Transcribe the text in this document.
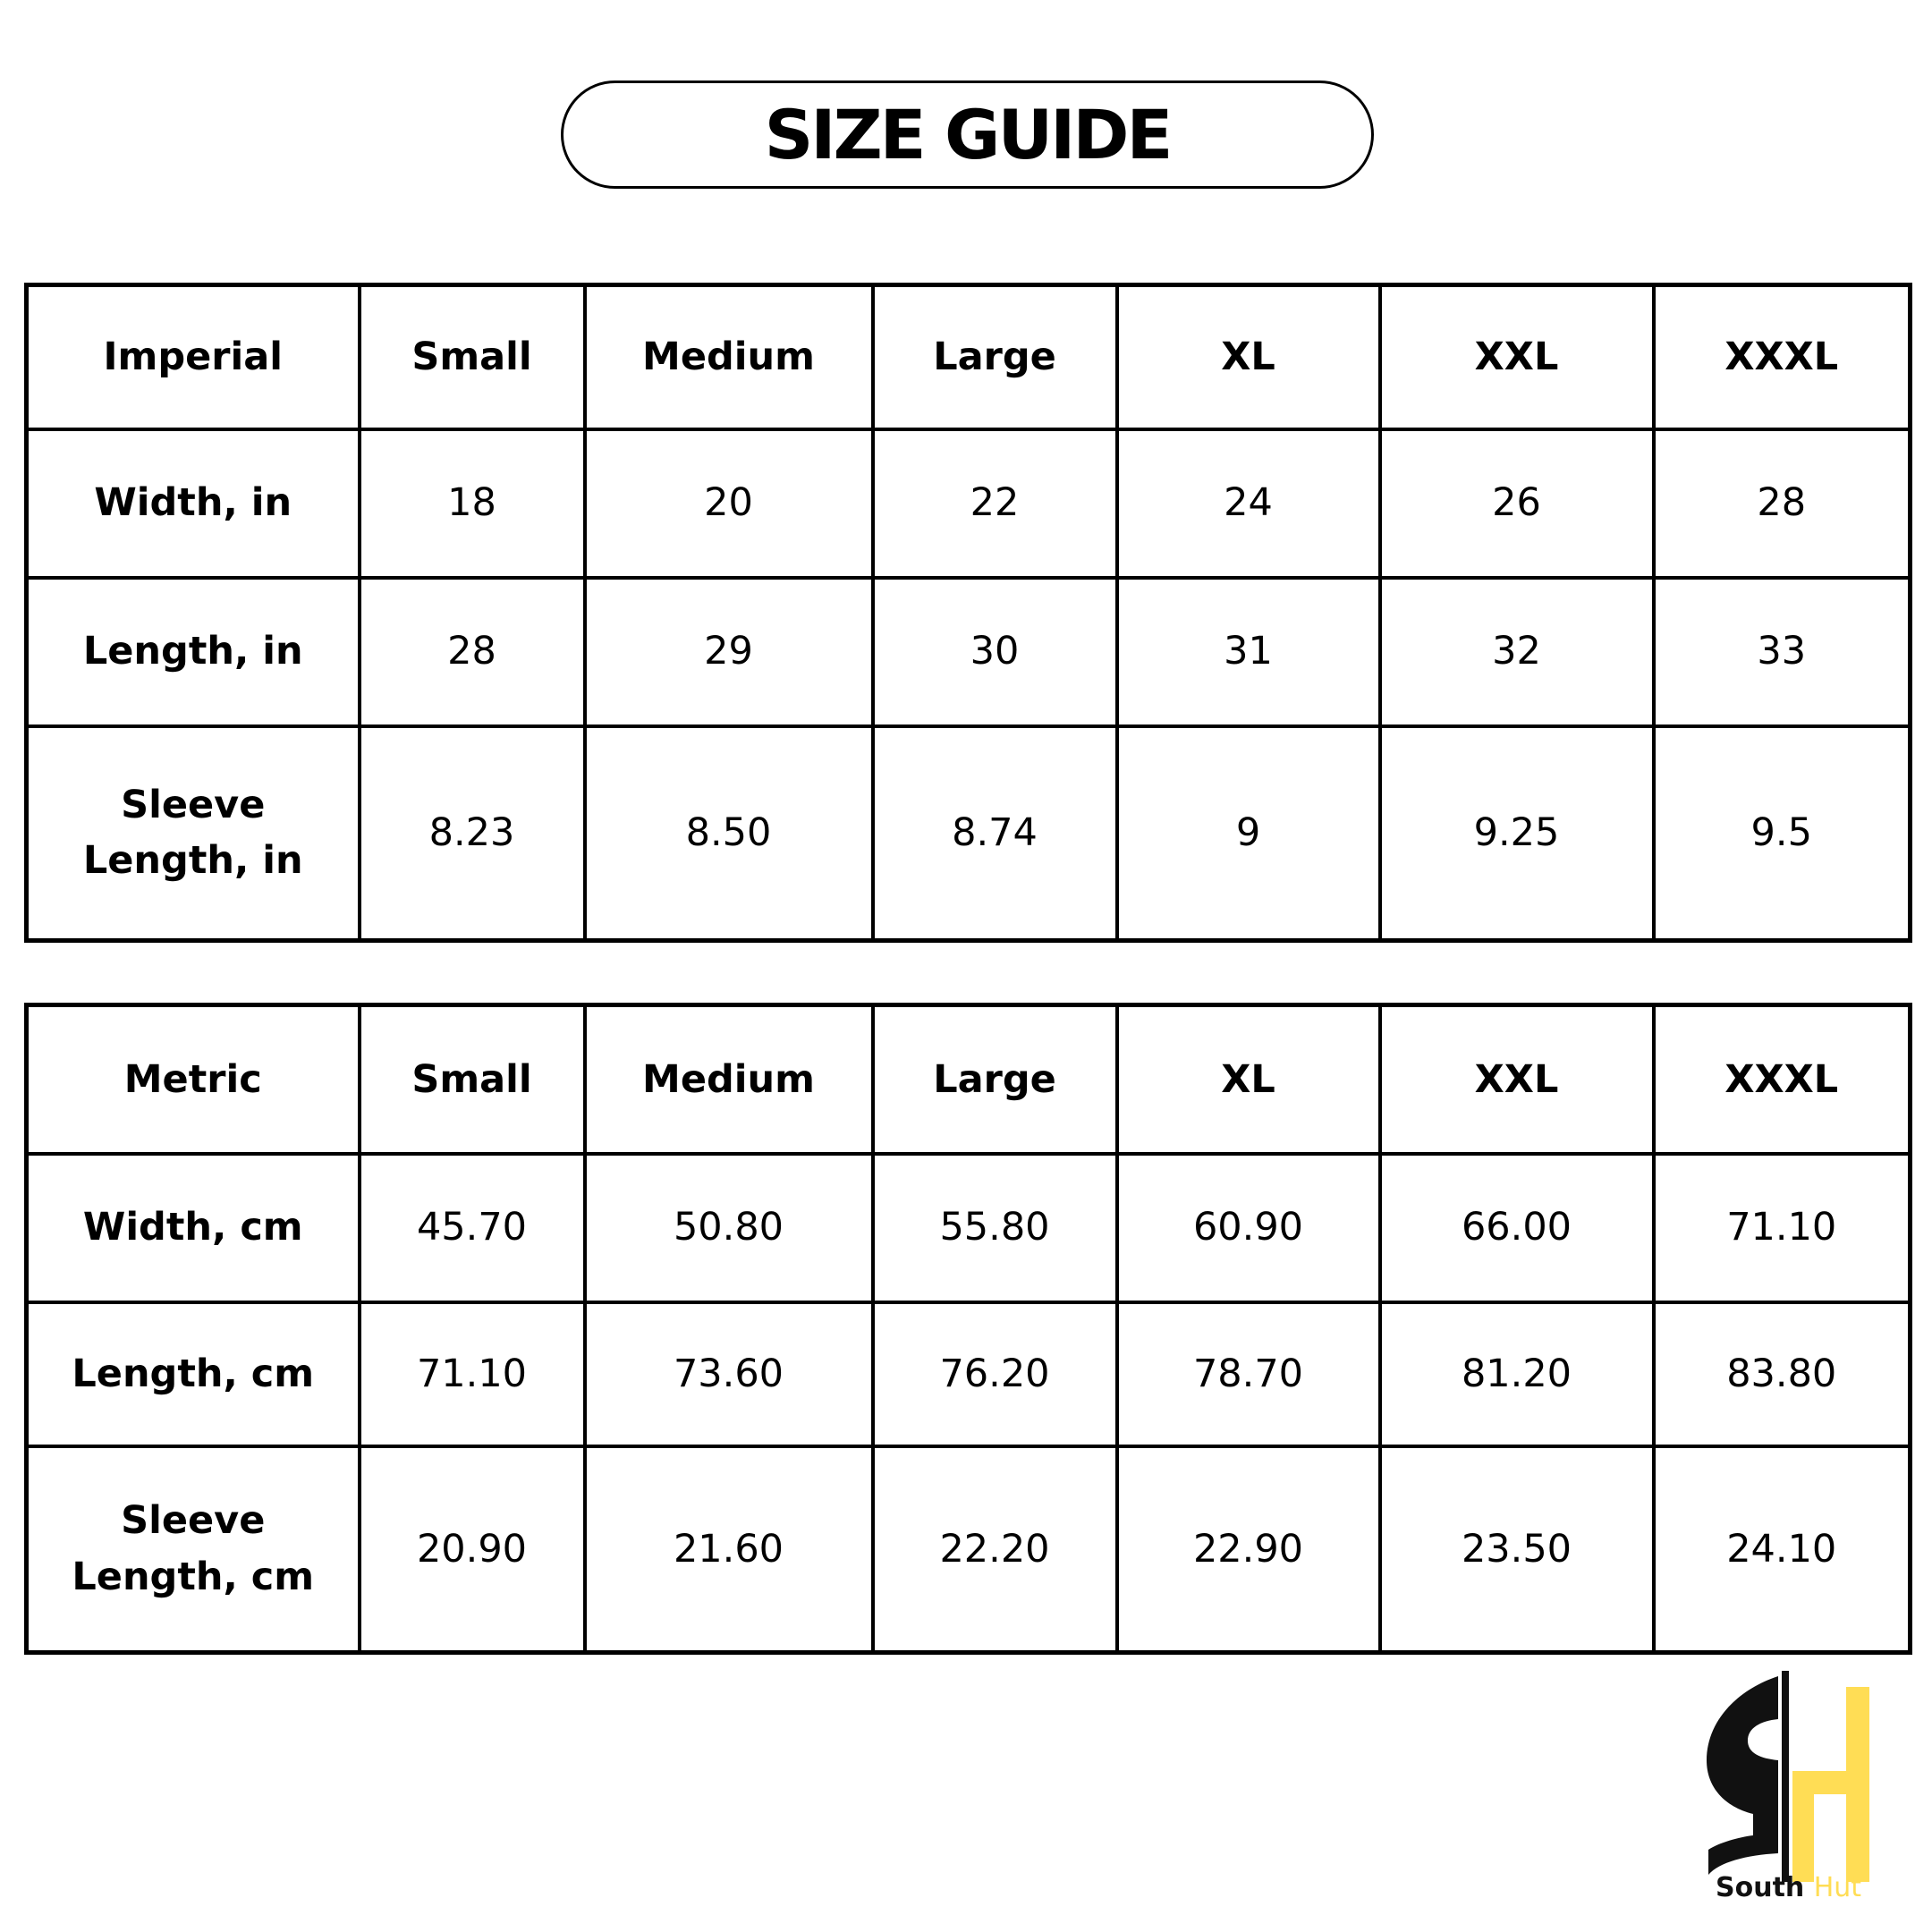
SIZE GUIDE
Imperial	Small	Medium	Large	XL	XXL	XXXL
Width, in	18	20	22	24	26	28
Length, in	28	29	30	31	32	33
Sleeve
Length, in	8.23	8.50	8.74	9	9.25	9.5
Metric	Small	Medium	Large	XL	XXL	XXXL
Width, cm	45.70	50.80	55.80	60.90	66.00	71.10
Length, cm	71.10	73.60	76.20	78.70	81.20	83.80
Sleeve
Length, cm	20.90	21.60	22.20	22.90	23.50	24.10
South Hut
